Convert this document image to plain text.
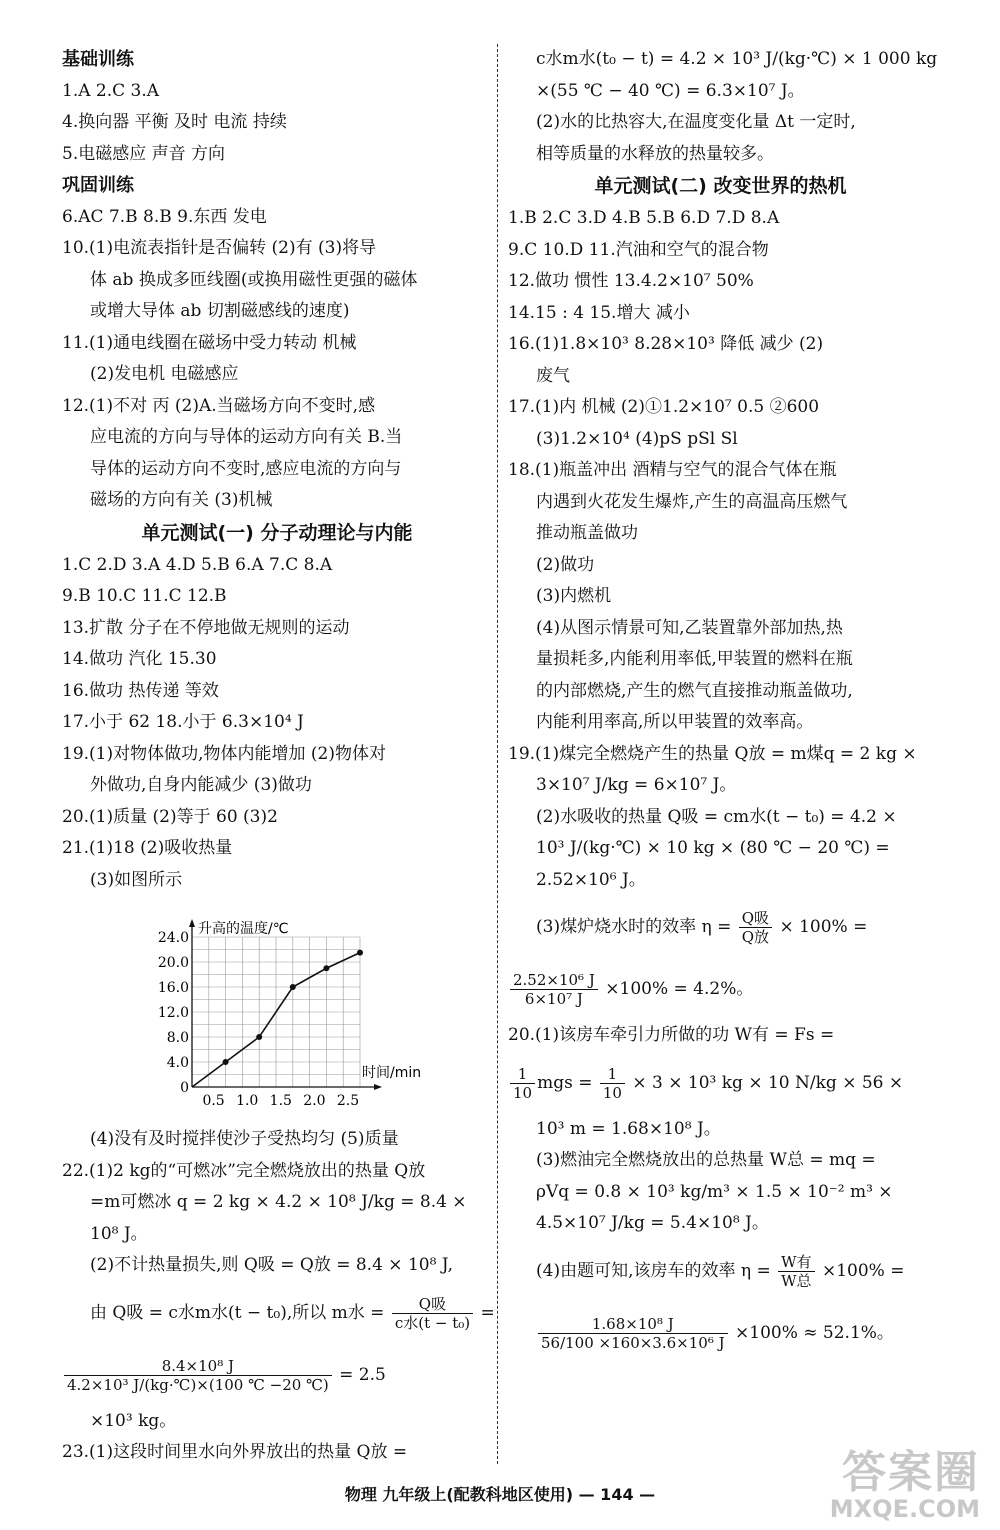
基础训练
1.A 2.C 3.A
4.换向器 平衡 及时 电流 持续
5.电磁感应 声音 方向
巩固训练
6.AC 7.B 8.B 9.东西 发电
10.(1)电流表指针是否偏转 (2)有 (3)将导
体 ab 换成多匝线圈(或换用磁性更强的磁体
或增大导体 ab 切割磁感线的速度)
11.(1)通电线圈在磁场中受力转动 机械
(2)发电机 电磁感应
12.(1)不对 丙 (2)A.当磁场方向不变时,感
应电流的方向与导体的运动方向有关 B.当
导体的运动方向不变时,感应电流的方向与
磁场的方向有关 (3)机械
单元测试(一) 分子动理论与内能
1.C 2.D 3.A 4.D 5.B 6.A 7.C 8.A
9.B 10.C 11.C 12.B
13.扩散 分子在不停地做无规则的运动
14.做功 汽化 15.30
16.做功 热传递 等效
17.小于 62 18.小于 6.3×10⁴ J
19.(1)对物体做功,物体内能增加 (2)物体对
外做功,自身内能减少 (3)做功
20.(1)质量 (2)等于 60 (3)2
21.(1)18 (2)吸收热量
(3)如图所示
(4)没有及时搅拌使沙子受热均匀 (5)质量
22.(1)2 kg的“可燃冰”完全燃烧放出的热量 Q放
=m可燃冰 q = 2 kg × 4.2 × 10⁸ J/kg = 8.4 ×
10⁸ J。
(2)不计热量损失,则 Q吸 = Q放 = 8.4 × 10⁸ J,
由 Q吸 = c水m水(t − t₀),所以 m水 = $\frac{\text{Q吸}}{\text{c水(t − t₀)}}$ =
$\frac{\text{8.4×10⁸ J}}{\text{4.2×10³ J/(kg·℃)×(100 ℃ −20 ℃)}} = 2.5$
×10³ kg。
23.(1)这段时间里水向外界放出的热量 Q放 =
c水m水(t₀ − t) = 4.2 × 10³ J/(kg·℃) × 1 000 kg
×(55 ℃ − 40 ℃) = 6.3×10⁷ J。
(2)水的比热容大,在温度变化量 Δt 一定时,
相等质量的水释放的热量较多。
单元测试(二) 改变世界的热机
1.B 2.C 3.D 4.B 5.B 6.D 7.D 8.A
9.C 10.D 11.汽油和空气的混合物
12.做功 惯性 13.4.2×10⁷ 50%
14.15 : 4 15.增大 减小
16.(1)1.8×10³ 8.28×10³ 降低 减少 (2)
废气
17.(1)内 机械 (2)①1.2×10⁷ 0.5 ②600
(3)1.2×10⁴ (4)pS pSl Sl
18.(1)瓶盖冲出 酒精与空气的混合气体在瓶
内遇到火花发生爆炸,产生的高温高压燃气
推动瓶盖做功
(2)做功
(3)内燃机
(4)从图示情景可知,乙装置靠外部加热,热
量损耗多,内能利用率低,甲装置的燃料在瓶
的内部燃烧,产生的燃气直接推动瓶盖做功,
内能利用率高,所以甲装置的效率高。
19.(1)煤完全燃烧产生的热量 Q放 = m煤q = 2 kg ×
3×10⁷ J/kg = 6×10⁷ J。
(2)水吸收的热量 Q吸 = cm水(t − t₀) = 4.2 ×
10³ J/(kg·℃) × 10 kg × (80 ℃ − 20 ℃) =
2.52×10⁶ J。
(3)煤炉烧水时的效率 $\eta = \frac{\text{Q吸}}{\text{Q放}} \times 100\%$ =
$\frac{\text{2.52×10⁶ J}}{\text{6×10⁷ J}} \times 100\% = 4.2\%$。
20.(1)该房车牵引力所做的功 W有 = Fs =
$\frac{1}{10}$ mgs = $\frac{1}{10} \times 3 \times 10^3$ kg × 10 N/kg × 56 ×
10³ m = 1.68×10⁸ J。
(3)燃油完全燃烧放出的总热量 W总 = mq =
ρVq = 0.8 × 10³ kg/m³ × 1.5 × 10⁻² m³ ×
4.5×10⁷ J/kg = 5.4×10⁸ J。
(4)由题可知,该房车的效率 $\eta = \frac{\text{W有}}{\text{W总}} \times 100\%$ =
$\frac{\text{1.68×10⁸ J}}{\text{56/100 ×160×3.6×10⁶ J}} \times 100\% \approx 52.1\%$。
24.0
20.0
16.0
12.0
8.0
4.0
0
0.5 1.0 1.5 2.0 2.5
升高的温度/℃
时间/min
物理 九年级上(配教科地区使用) — 144 —	答案圈
MXQE.COM
